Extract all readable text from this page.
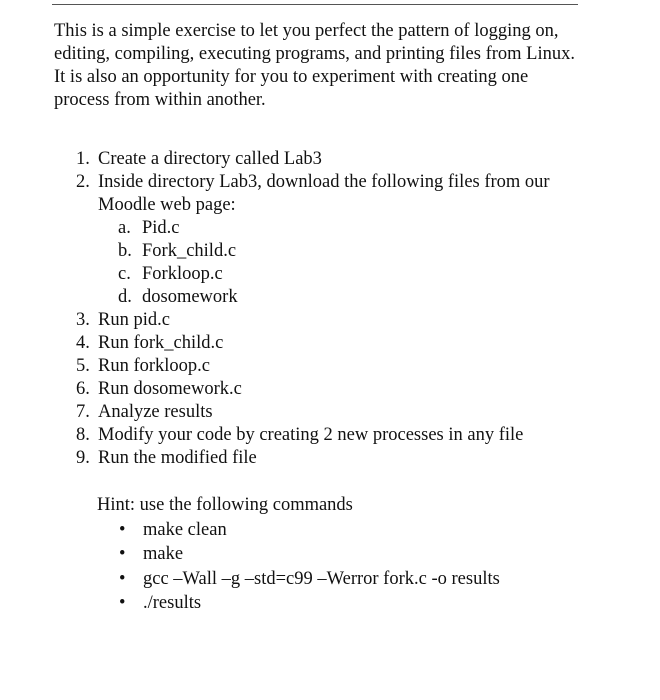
This is a simple exercise to let you perfect the pattern of logging on, editing, compiling, executing programs, and printing files from Linux. It is also an opportunity for you to experiment with creating one process from within another.

1. Create a directory called Lab3
2. Inside directory Lab3, download the following files from our Moodle web page:
a. Pid.c
b. Fork_child.c
c. Forkloop.c
d. dosomework
3. Run pid.c
4. Run fork_child.c
5. Run forkloop.c
6. Run dosomework.c
7. Analyze results
8. Modify your code by creating 2 new processes in any file
9. Run the modified file
Hint: use the following commands
• make clean
• make
• gcc –Wall –g –std=c99 –Werror fork.c -o results
• ./results
